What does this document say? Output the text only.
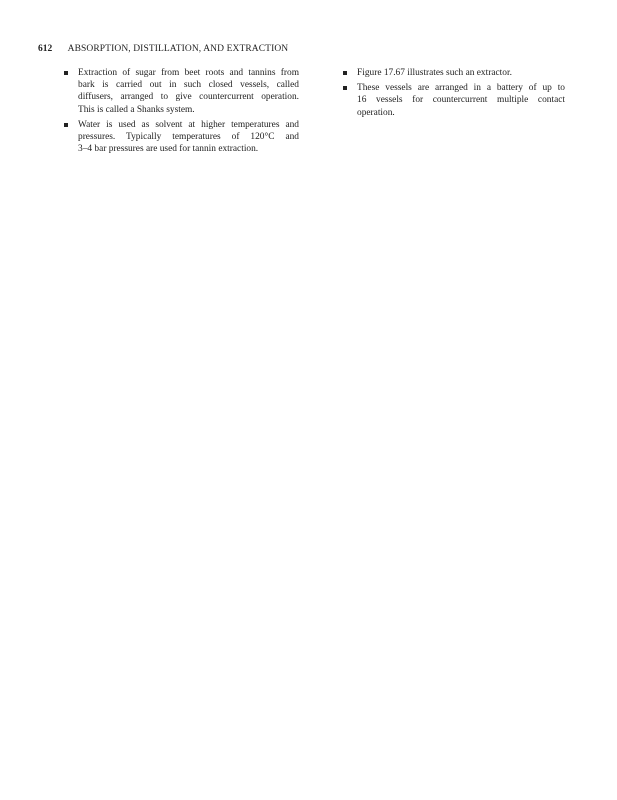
612 ABSORPTION, DISTILLATION, AND EXTRACTION
Extraction of sugar from beet roots and tannins from
bark is carried out in such closed vessels, called
diffusers, arranged to give countercurrent operation.
This is called a Shanks system.
Water is used as solvent at higher temperatures and
pressures. Typically temperatures of 120°C and
3–4 bar pressures are used for tannin extraction.
Figure 17.67 illustrates such an extractor.
These vessels are arranged in a battery of up to
16 vessels for countercurrent multiple contact
operation.
